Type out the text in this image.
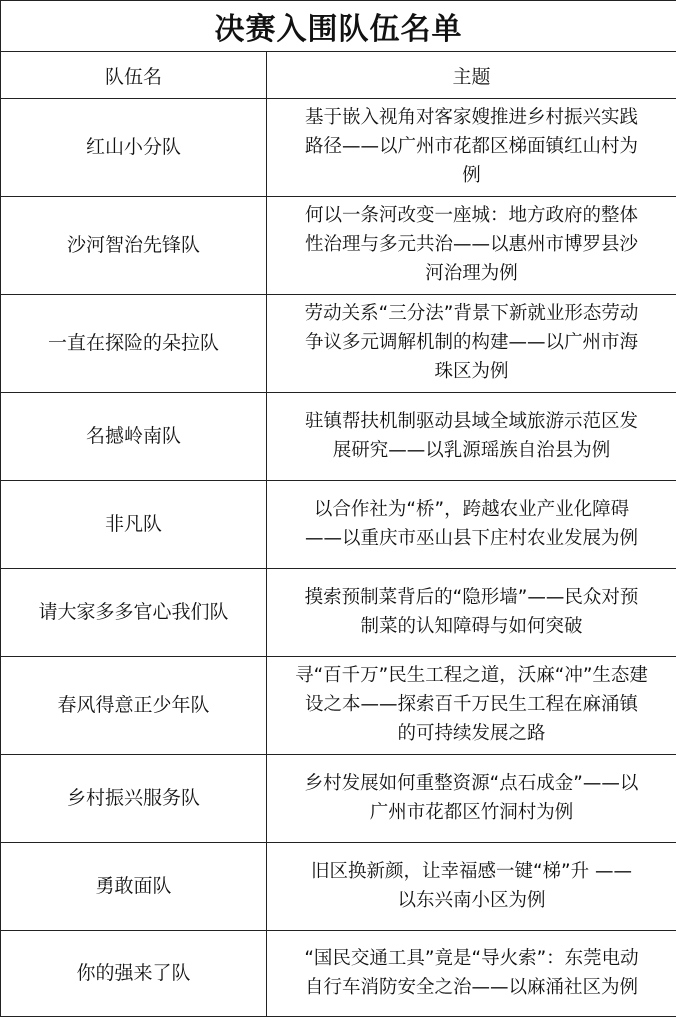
决赛入围队伍名单	
队伍名	主题
红山小分队	基于嵌入视角对客家嫂推进乡村振兴实践
路径——以广州市花都区梯面镇红山村为
例

沙河智治先锋队	何以一条河改变一座城：地方政府的整体
性治理与多元共治——以惠州市博罗县沙
河治理为例

一直在探险的朵拉队	劳动关系“三分法”背景下新就业形态劳动
争议多元调解机制的构建——以广州市海
珠区为例

名撼岭南队	驻镇帮扶机制驱动县域全域旅游示范区发
展研究——以乳源瑶族自治县为例

非凡队	以合作社为“桥”，跨越农业产业化障碍
——以重庆市巫山县下庄村农业发展为例

请大家多多官心我们队	摸索预制菜背后的“隐形墙”——民众对预
制菜的认知障碍与如何突破

春风得意正少年队	寻“百千万”民生工程之道，沃麻“冲”生态建
设之本——探索百千万民生工程在麻涌镇
的可持续发展之路

乡村振兴服务队	乡村发展如何重整资源“点石成金”——以
广州市花都区竹洞村为例

勇敢面队	旧区换新颜，让幸福感一键“梯”升 ——
以东兴南小区为例

你的强来了队	“国民交通工具”竟是“导火索”：东莞电动
自行车消防安全之治——以麻涌社区为例
